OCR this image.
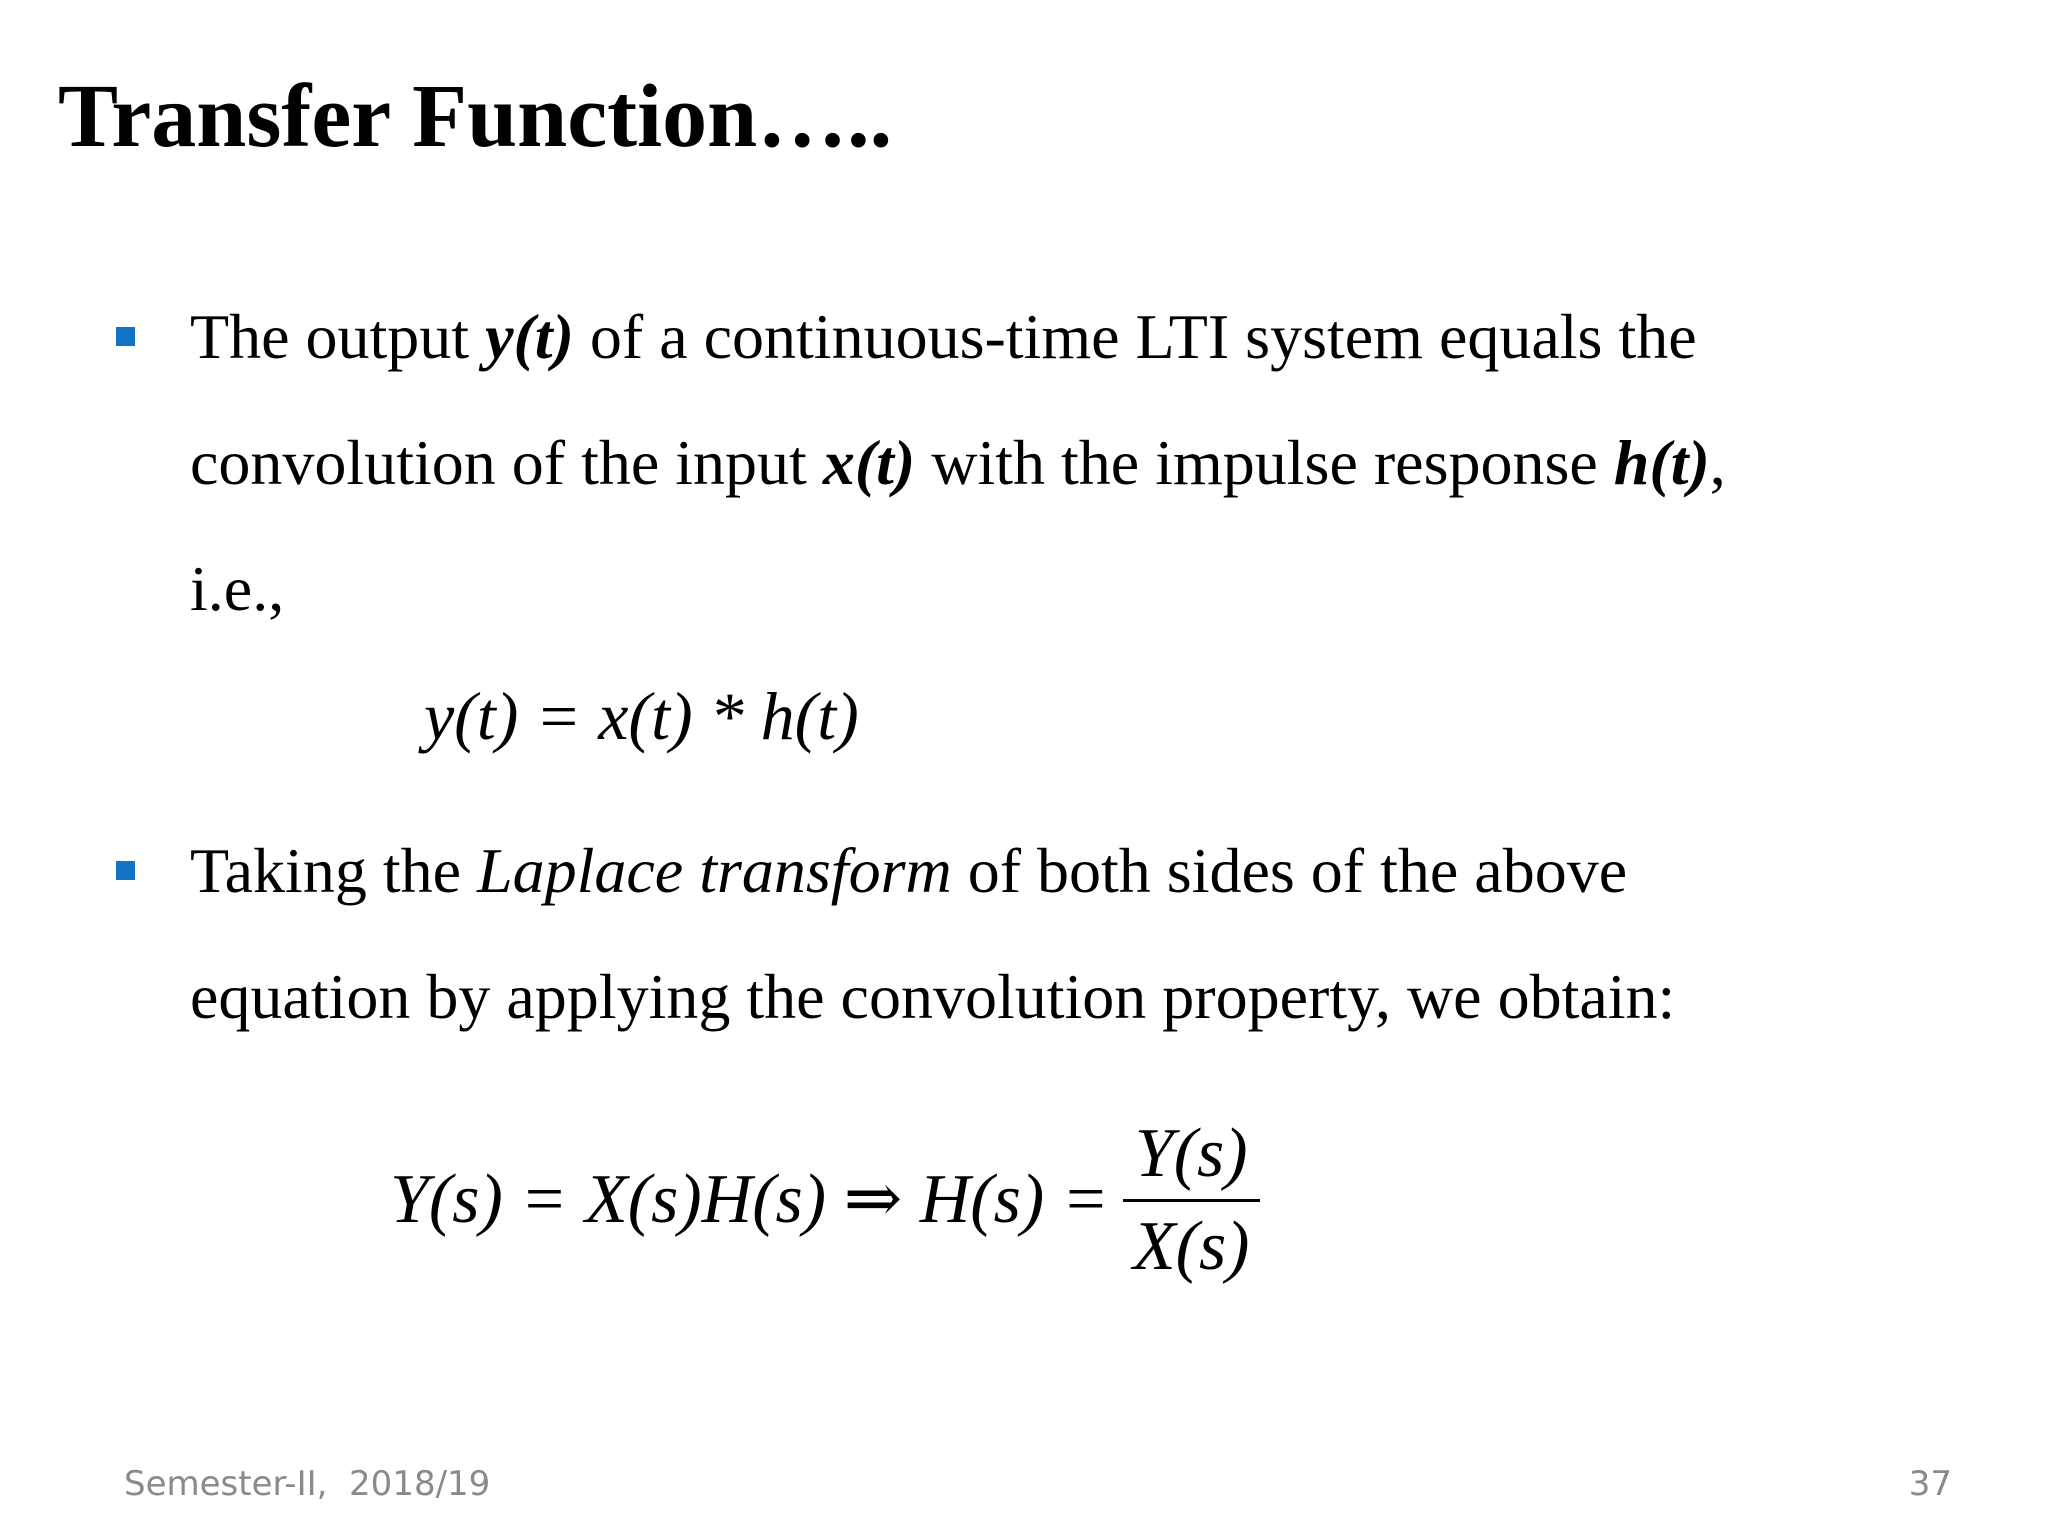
Transfer Function…..
The output y(t) of a continuous-time LTI system equals the
convolution of the input x(t) with the impulse response h(t),
i.e.,
y(t) = x(t) * h(t)
Taking the Laplace transform of both sides of the above
equation by applying the convolution property, we obtain:
Y(s) = X(s)H(s) ⇒ $H(s) = \frac{Y(s)}{X(s)}$
Semester-II,  2018/19	37
